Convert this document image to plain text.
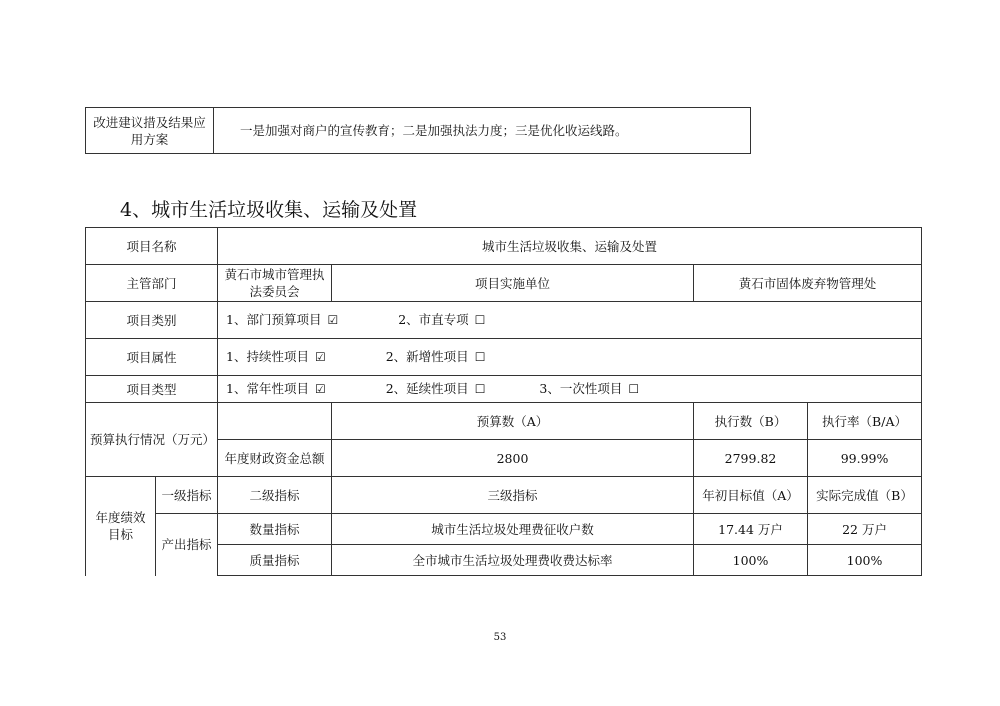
改进建议措及结果应用方案	一是加强对商户的宣传教育；二是加强执法力度；三是优化收运线路。
4、城市生活垃圾收集、运输及处置
项目名称		城市生活垃圾收集、运输及处置			
主管部门		黄石市城市管理执法委员会	项目实施单位	黄石市固体废弃物管理处	
项目类别		1、部门预算项目 ☑ 2、市直专项 ☐			
项目属性		1、持续性项目 ☑ 2、新增性项目 ☐			
项目类型		1、常年性项目 ☑ 2、延续性项目 ☐ 3、一次性项目 ☐			
预算执行情况（万元）			预算数（A）	执行数（B）	执行率（B/A）
		年度财政资金总额	2800	2799.82	99.99%
年度绩效目标	一级指标	二级指标	三级指标	年初目标值（A）	实际完成值（B）
	产出指标	数量指标	城市生活垃圾处理费征收户数	17.44 万户	22 万户
		质量指标	全市城市生活垃圾处理费收费达标率	100%	100%
53
